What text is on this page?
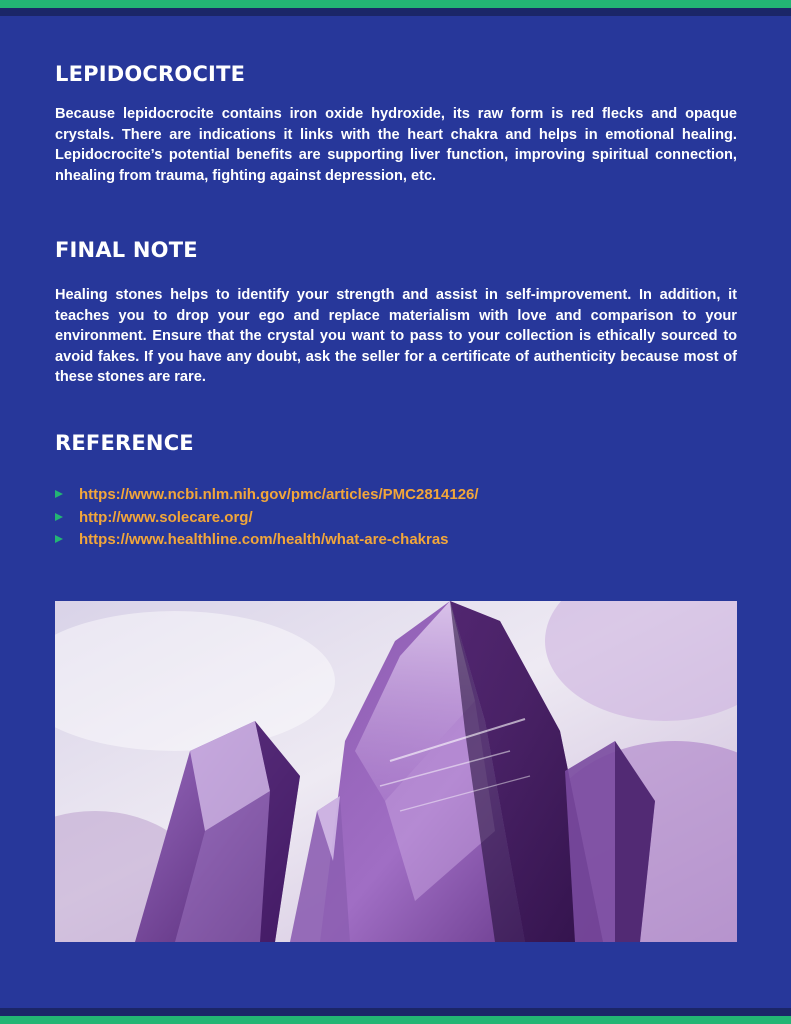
LEPIDOCROCITE

Because lepidocrocite contains iron oxide hydroxide, its raw form is red flecks and opaque crystals. There are indications it links with the heart chakra and helps in emotional healing. Lepidocrocite’s potential benefits are supporting liver function, improving spiritual connection, nhealing from trauma, fighting against depression, etc.

FINAL NOTE

Healing stones helps to identify your strength and assist in self-improvement. In addition, it teaches you to drop your ego and replace materialism with love and comparison to your environment. Ensure that the crystal you want to pass to your collection is ethically sourced to avoid fakes. If you have any doubt, ask the seller for a certificate of authenticity because most of these stones are rare.

REFERENCE
https://www.ncbi.nlm.nih.gov/pmc/articles/PMC2814126/
http://www.solecare.org/
https://www.healthline.com/health/what-are-chakras
